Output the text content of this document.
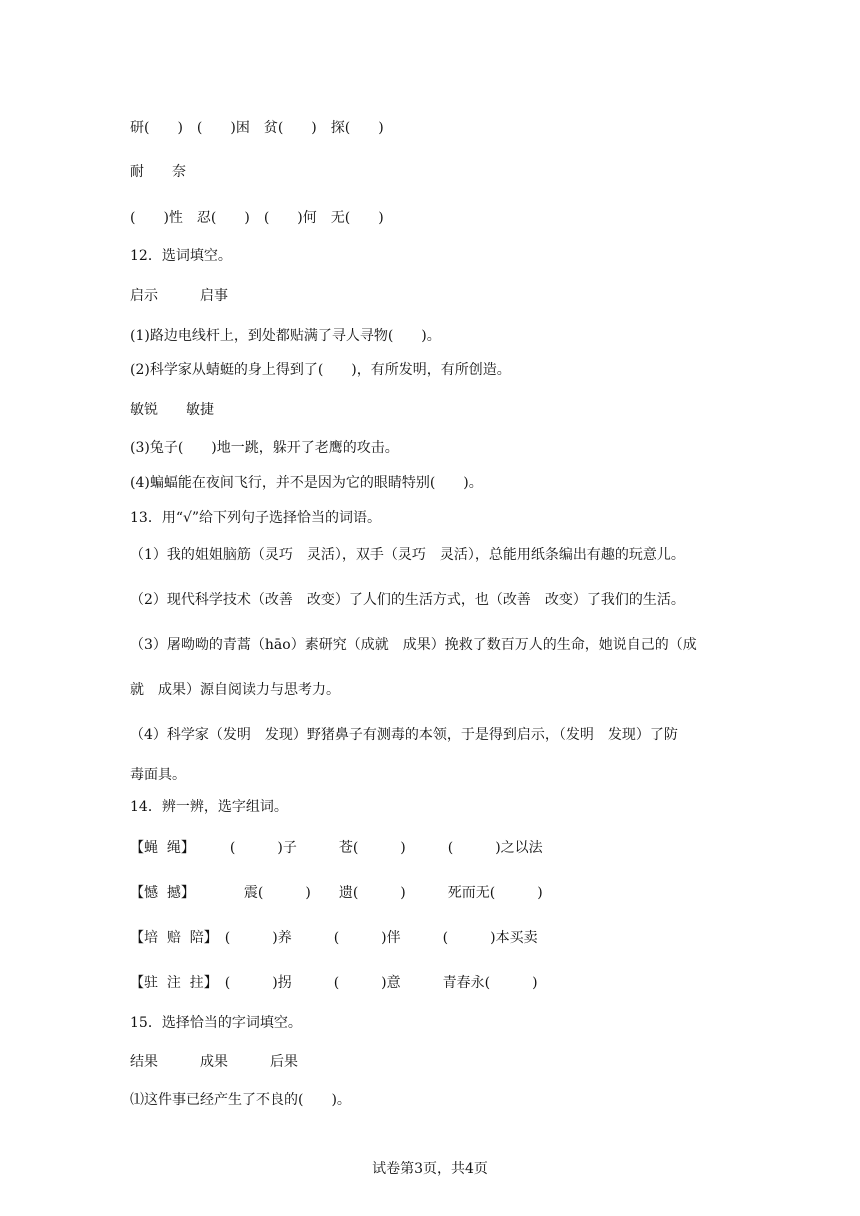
研(　　)　(　　)困　贫(　　)　探(　　)
耐　　奈
(　　)性　忍(　　)　(　　)何　无(　　)
12．选词填空。
启示　　　启事
(1)路边电线杆上，到处都贴满了寻人寻物(　　)。
(2)科学家从蜻蜓的身上得到了(　　)，有所发明，有所创造。
敏锐　　敏捷
(3)兔子(　　)地一跳，躲开了老鹰的攻击。
(4)蝙蝠能在夜间飞行，并不是因为它的眼睛特别(　　)。
13．用“√”给下列句子选择恰当的词语。
（1）我的姐姐脑筋（灵巧　灵活），双手（灵巧　灵活），总能用纸条编出有趣的玩意儿。
（2）现代科学技术（改善　改变）了人们的生活方式，也（改善　改变）了我们的生活。
（3）屠呦呦的青蒿（hāo）素研究（成就　成果）挽救了数百万人的生命，她说自己的（成
就　成果）源自阅读力与思考力。
（4）科学家（发明　发现）野猪鼻子有测毒的本领，于是得到启示，（发明　发现）了防
毒面具。
14．辨一辨，选字组词。
【蝇  绳】　　　(　　　)子　　　苍(　　　)　　　(　　　)之以法
【憾  撼】　　　　震(　　　)　　遗(　　　)　　　死而无(　　　)
【培  赔  陪】　(　　　)养　　　(　　　)伴　　　(　　　)本买卖
【驻  注  拄】　(　　　)拐　　　(　　　)意　　　青春永(　　　)
15．选择恰当的字词填空。
结果　　　成果　　　后果
⑴这件事已经产生了不良的(　　)。
试卷第3页，共4页
